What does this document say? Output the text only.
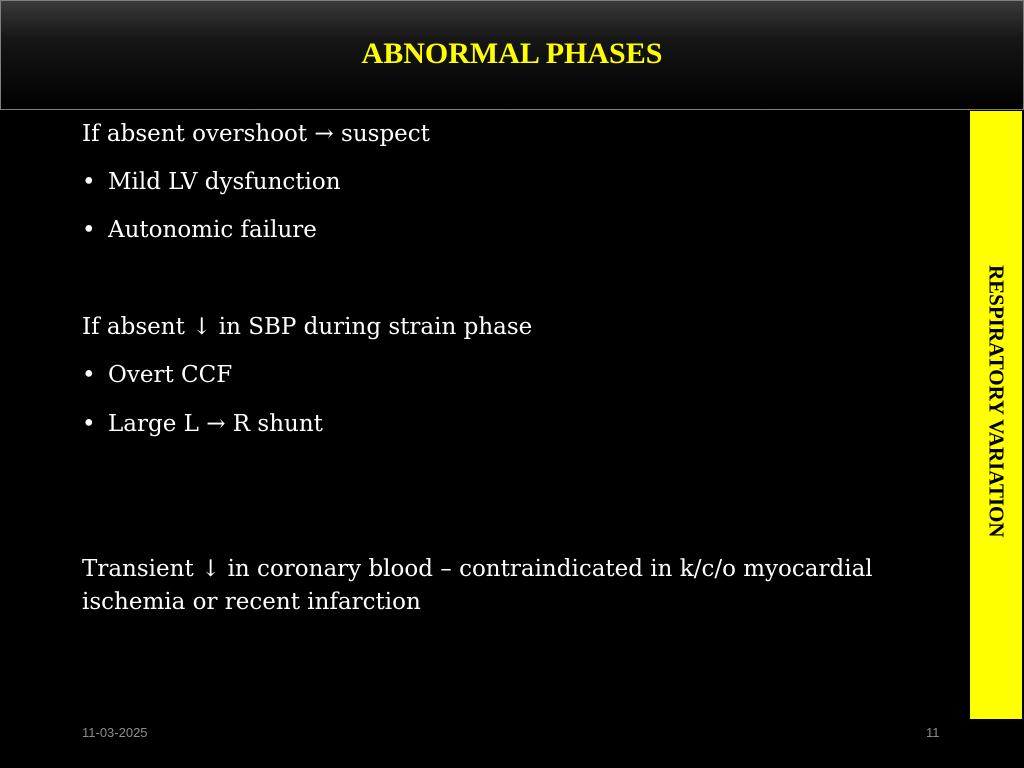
ABNORMAL PHASES
RESPIRATORY VARIATION

If absent overshoot → suspect

• Mild LV dysfunction

• Autonomic failure

If absent ↓ in SBP during strain phase

• Overt CCF

• Large L → R shunt

Transient ↓ in coronary blood – contraindicated in k/c/o myocardial ischemia or recent infarction

11-03-2025	11
